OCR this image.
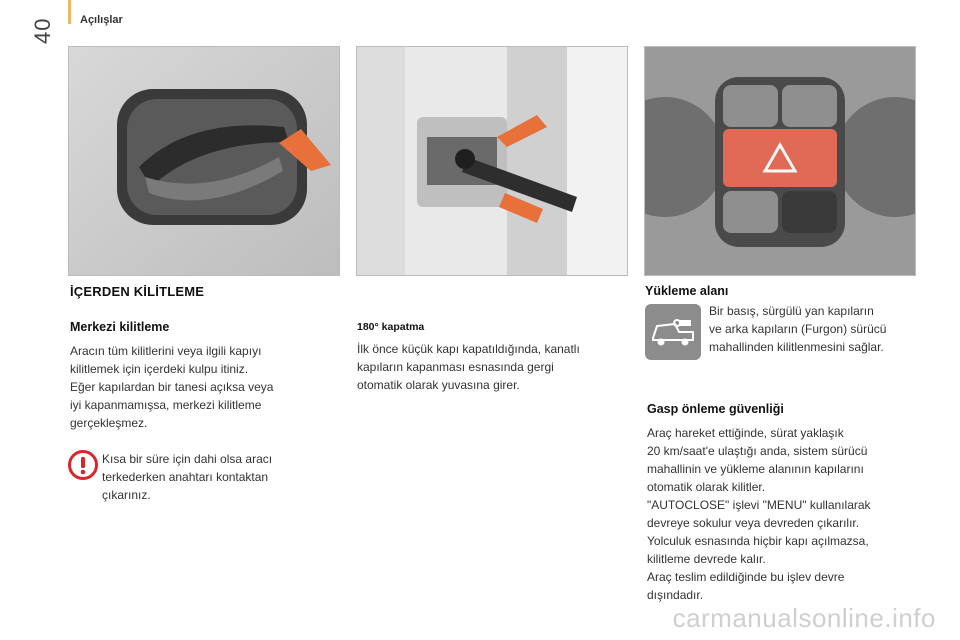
40 Açılışlar
İÇERDEN KİLİTLEME
Merkezi kilitleme
Aracın tüm kilitlerini veya ilgili kapıyı
kilitlemek için içerdeki kulpu itiniz.
Eğer kapılardan bir tanesi açıksa veya
iyi kapanmamışsa, merkezi kilitleme
gerçekleşmez.
Kısa bir süre için dahi olsa aracı
terkederken anahtarı kontaktan
çıkarınız.
180° kapatma
İlk önce küçük kapı kapatıldığında, kanatlı
kapıların kapanması esnasında gergi
otomatik olarak yuvasına girer.
Yükleme alanı
Bir basış, sürgülü yan kapıların
ve arka kapıların (Furgon) sürücü
mahallinden kilitlenmesini sağlar.
Gasp önleme güvenliği
Araç hareket ettiğinde, sürat yaklaşık
20 km/saat'e ulaştığı anda, sistem sürücü
mahallinin ve yükleme alanının kapılarını
otomatik olarak kilitler.
"AUTOCLOSE" işlevi "MENU" kullanılarak
devreye sokulur veya devreden çıkarılır.
Yolculuk esnasında hiçbir kapı açılmazsa,
kilitleme devrede kalır.
Araç teslim edildiğinde bu işlev devre
dışındadır.
carmanualsonline.info
